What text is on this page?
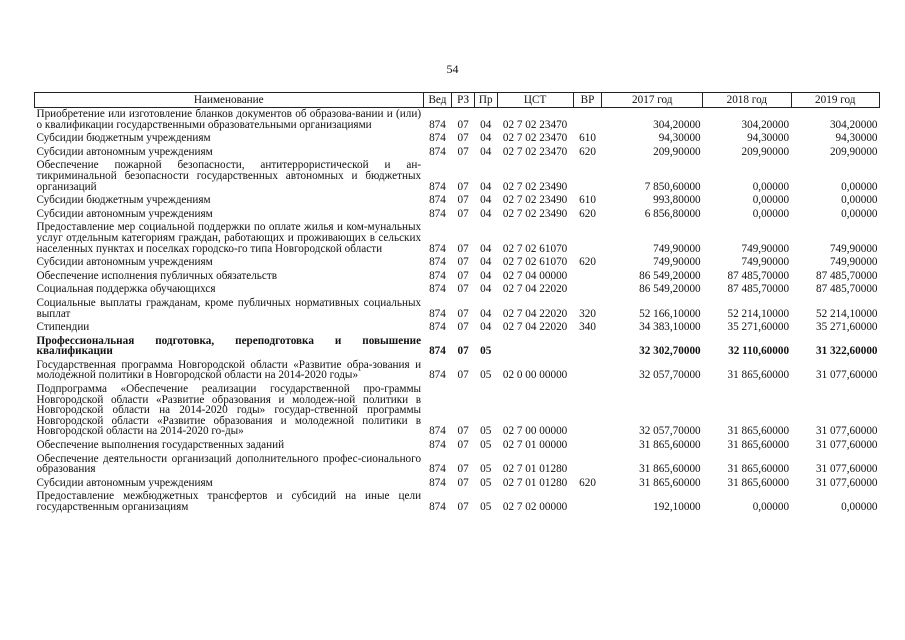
54
Наименование	Вед	РЗ	Пр	ЦСТ	ВР	2017 год	2018 год	2019 год
Приобретение или изготовление бланков документов об образова-вании и (или) о квалификации государственными образовательными организациями	874	07	04	02 7 02 23470		304,20000	304,20000	304,20000
Субсидии бюджетным учреждениям	874	07	04	02 7 02 23470	610	94,30000	94,30000	94,30000
Субсидии автономным учреждениям	874	07	04	02 7 02 23470	620	209,90000	209,90000	209,90000
Обеспечение пожарной безопасности, антитеррористической и ан-тикриминальной безопасности государственных автономных и бюджетных организаций	874	07	04	02 7 02 23490		7 850,60000	0,00000	0,00000
Субсидии бюджетным учреждениям	874	07	04	02 7 02 23490	610	993,80000	0,00000	0,00000
Субсидии автономным учреждениям	874	07	04	02 7 02 23490	620	6 856,80000	0,00000	0,00000
Предоставление мер социальной поддержки по оплате жилья и ком-мунальных услуг отдельным категориям граждан, работающих и проживающих в сельских населенных пунктах и поселках городско-го типа Новгородской области	874	07	04	02 7 02 61070		749,90000	749,90000	749,90000
Субсидии автономным учреждениям	874	07	04	02 7 02 61070	620	749,90000	749,90000	749,90000
Обеспечение исполнения публичных обязательств	874	07	04	02 7 04 00000		86 549,20000	87 485,70000	87 485,70000
Социальная поддержка обучающихся	874	07	04	02 7 04 22020		86 549,20000	87 485,70000	87 485,70000
Социальные выплаты гражданам, кроме публичных нормативных социальных выплат	874	07	04	02 7 04 22020	320	52 166,10000	52 214,10000	52 214,10000
Стипендии	874	07	04	02 7 04 22020	340	34 383,10000	35 271,60000	35 271,60000
Профессиональная подготовка, переподготовка и повышение квалификации	874	07	05			32 302,70000	32 110,60000	31 322,60000
Государственная программа Новгородской области «Развитие обра-зования и молодежной политики в Новгородской области на 2014-2020 годы»	874	07	05	02 0 00 00000		32 057,70000	31 865,60000	31 077,60000
Подпрограмма «Обеспечение реализации государственной про-граммы Новгородской области «Развитие образования и молодеж-ной политики в Новгородской области на 2014-2020 годы» государ-ственной программы Новгородской области «Развитие образования и молодежной политики в Новгородской области на 2014-2020 го-ды»	874	07	05	02 7 00 00000		32 057,70000	31 865,60000	31 077,60000
Обеспечение выполнения государственных заданий	874	07	05	02 7 01 00000		31 865,60000	31 865,60000	31 077,60000
Обеспечение деятельности организаций дополнительного профес-сионального образования	874	07	05	02 7 01 01280		31 865,60000	31 865,60000	31 077,60000
Субсидии автономным учреждениям	874	07	05	02 7 01 01280	620	31 865,60000	31 865,60000	31 077,60000
Предоставление межбюджетных трансфертов и субсидий на иные цели государственным организациям	874	07	05	02 7 02 00000		192,10000	0,00000	0,00000
